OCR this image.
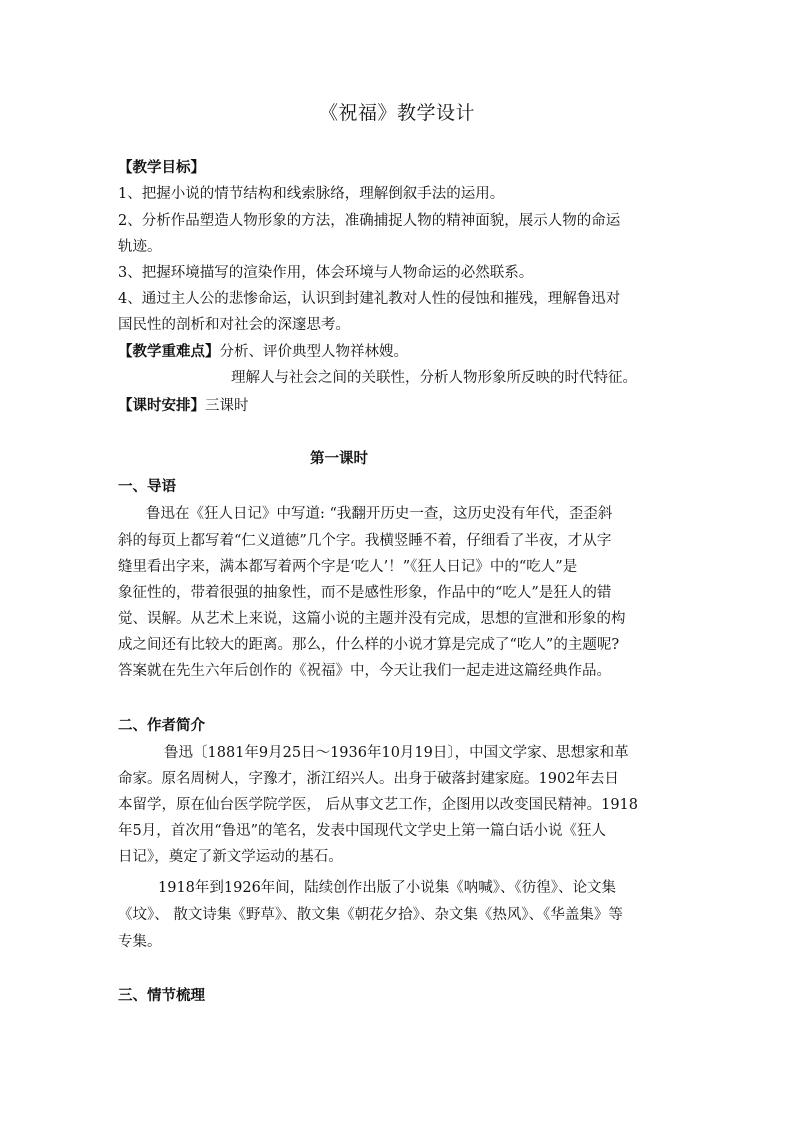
《祝福》教学设计
【教学目标】
1、把握小说的情节结构和线索脉络，理解倒叙手法的运用。
2、分析作品塑造人物形象的方法，准确捕捉人物的精神面貌，展示人物的命运
轨迹。
3、把握环境描写的渲染作用，体会环境与人物命运的必然联系。
4、通过主人公的悲惨命运，认识到封建礼教对人性的侵蚀和摧残，理解鲁迅对
国民性的剖析和对社会的深邃思考。
【教学重难点】分析、评价典型人物祥林嫂。
理解人与社会之间的关联性，分析人物形象所反映的时代特征。
【课时安排】三课时
第一课时
一、导语
鲁迅在《狂人日记》中写道: “我翻开历史一查，这历史没有年代，歪歪斜
斜的每页上都写着“仁义道德”几个字。我横竖睡不着，仔细看了半夜，才从字
缝里看出字来，满本都写着两个字是‘吃人’！”《狂人日记》中的“吃人”是
象征性的，带着很强的抽象性，而不是感性形象，作品中的“吃人”是狂人的错
觉、误解。从艺术上来说，这篇小说的主题并没有完成，思想的宣泄和形象的构
成之间还有比较大的距离。那么，什么样的小说才算是完成了“吃人”的主题呢?
答案就在先生六年后创作的《祝福》中，今天让我们一起走进这篇经典作品。
二、作者简介
鲁迅〔1881年9月25日～1936年10月19日〕，中国文学家、思想家和革
命家。原名周树人，字豫才，浙江绍兴人。出身于破落封建家庭。1902年去日
本留学，原在仙台医学院学医， 后从事文艺工作，企图用以改变国民精神。1918
年5月，首次用“鲁迅”的笔名，发表中国现代文学史上第一篇白话小说《狂人
日记》，奠定了新文学运动的基石。
1918年到1926年间，陆续创作出版了小说集《呐喊》、《彷徨》、论文集
《坟》、 散文诗集《野草》、散文集《朝花夕拾》、杂文集《热风》、《华盖集》等
专集。
三、情节梳理
